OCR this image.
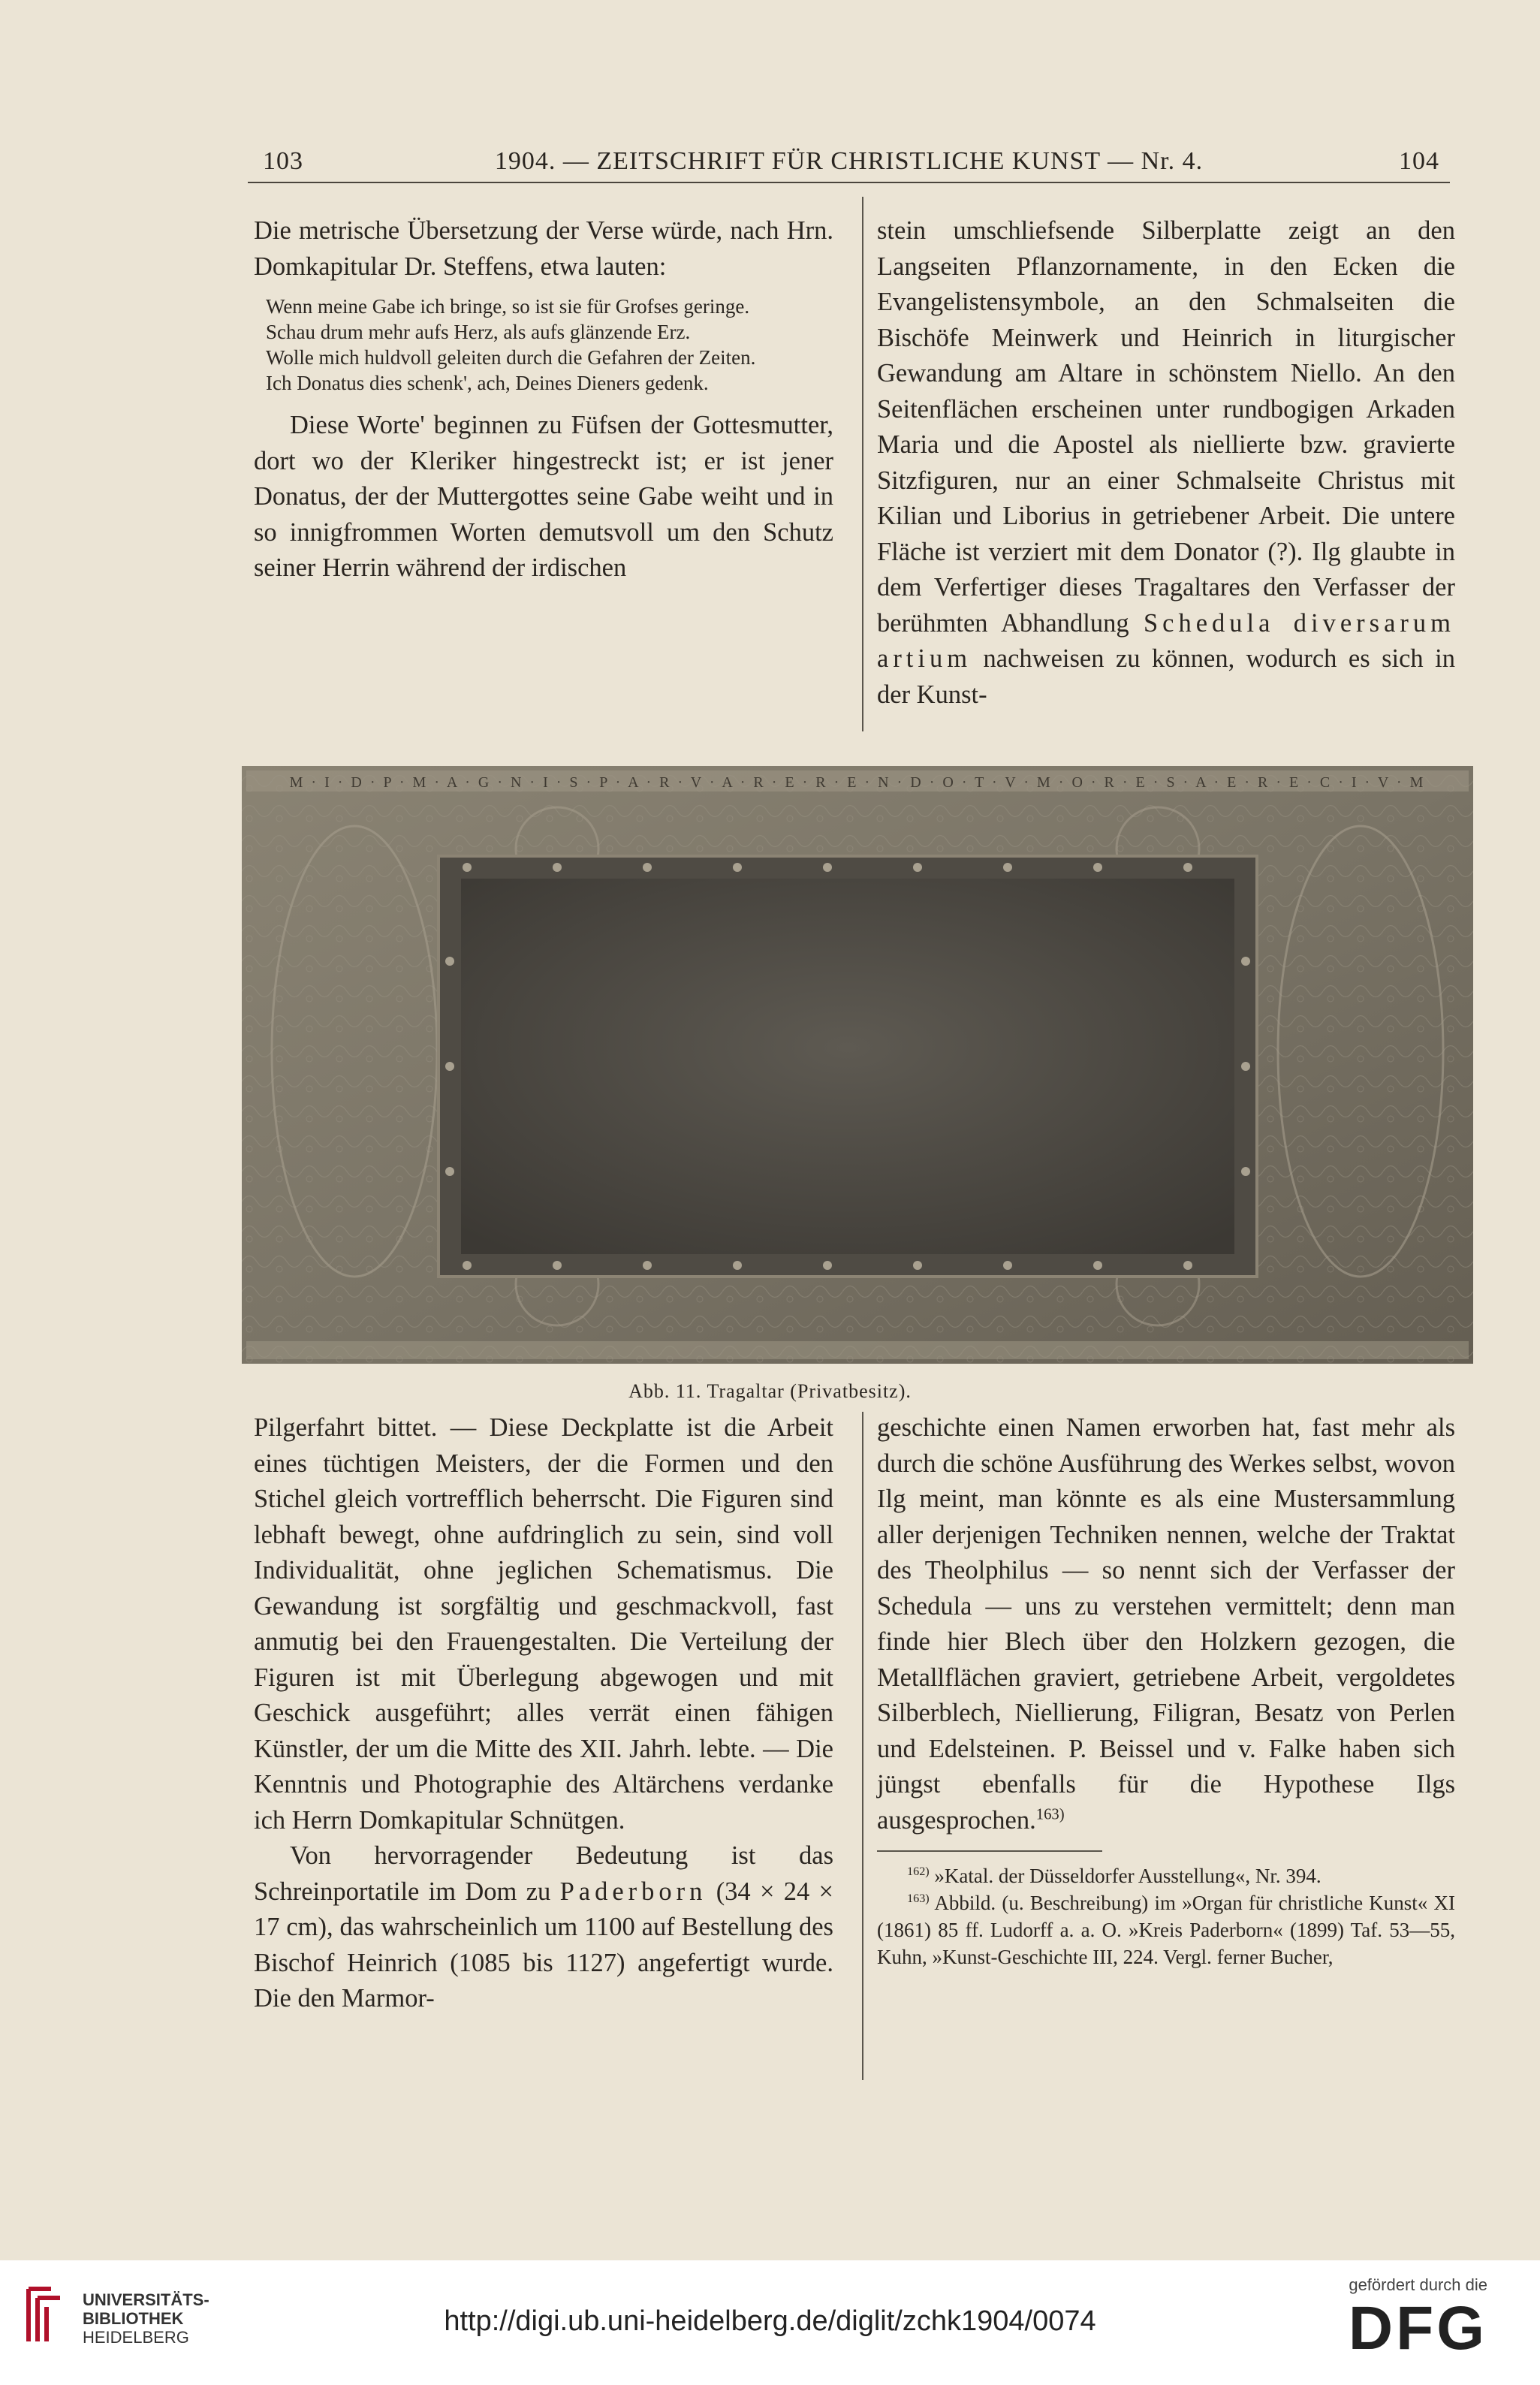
103	1904. — ZEITSCHRIFT FÜR CHRISTLICHE KUNST — Nr. 4.	104

Die metrische Übersetzung der Verse würde, nach Hrn. Domkapitular Dr. Steffens, etwa lauten:

Wenn meine Gabe ich bringe, so ist sie für Grofses geringe.
Schau drum mehr aufs Herz, als aufs glänzende Erz.
Wolle mich huldvoll geleiten durch die Gefahren der Zeiten.
Ich Donatus dies schenk', ach, Deines Dieners gedenk.

Diese Worte' beginnen zu Füfsen der Gottesmutter, dort wo der Kleriker hingestreckt ist; er ist jener Donatus, der der Muttergottes seine Gabe weiht und in so innigfrommen Worten demutsvoll um den Schutz seiner Herrin während der irdischen

stein umschliefsende Silberplatte zeigt an den Langseiten Pflanzornamente, in den Ecken die Evangelistensymbole, an den Schmalseiten die Bischöfe Meinwerk und Heinrich in liturgischer Gewandung am Altare in schönstem Niello. An den Seitenflächen erscheinen unter rundbogigen Arkaden Maria und die Apostel als niellierte bzw. gravierte Sitzfiguren, nur an einer Schmalseite Christus mit Kilian und Liborius in getriebener Arbeit. Die untere Fläche ist verziert mit dem Donator (?). Ilg glaubte in dem Verfertiger dieses Tragaltares den Verfasser der berühmten Abhandlung Schedula diversarum artium nachweisen zu können, wodurch es sich in der Kunst-

M · I · D · P · M · A · G · N · I · S · P · A · R · V · A · R · E · R · E · N · D · O · T · V · M · O · R · E · S · A · E · R · E · C · I · V · M
Abb. 11. Tragaltar (Privatbesitz).

Pilgerfahrt bittet. — Diese Deckplatte ist die Arbeit eines tüchtigen Meisters, der die Formen und den Stichel gleich vortrefflich beherrscht. Die Figuren sind lebhaft bewegt, ohne aufdringlich zu sein, sind voll Individualität, ohne jeglichen Schematismus. Die Gewandung ist sorgfältig und geschmackvoll, fast anmutig bei den Frauengestalten. Die Verteilung der Figuren ist mit Überlegung abgewogen und mit Geschick ausgeführt; alles verrät einen fähigen Künstler, der um die Mitte des XII. Jahrh. lebte. — Die Kenntnis und Photographie des Altärchens verdanke ich Herrn Domkapitular Schnütgen.

Von hervorragender Bedeutung ist das Schreinportatile im Dom zu Paderborn (34 × 24 × 17 cm), das wahrscheinlich um 1100 auf Bestellung des Bischof Heinrich (1085 bis 1127) angefertigt wurde. Die den Marmor-

geschichte einen Namen erworben hat, fast mehr als durch die schöne Ausführung des Werkes selbst, wovon Ilg meint, man könnte es als eine Mustersammlung aller derjenigen Techniken nennen, welche der Traktat des Theolphilus — so nennt sich der Verfasser der Schedula — uns zu verstehen vermittelt; denn man finde hier Blech über den Holzkern gezogen, die Metallflächen graviert, getriebene Arbeit, vergoldetes Silberblech, Niellierung, Filigran, Besatz von Perlen und Edelsteinen. P. Beissel und v. Falke haben sich jüngst ebenfalls für die Hypothese Ilgs ausgesprochen.$^{163)}$

$^{162)}$ »Katal. der Düsseldorfer Ausstellung«, Nr. 394.

$^{163)}$ Abbild. (u. Beschreibung) im »Organ für christliche Kunst« XI (1861) 85 ff. Ludorff a. a. O. »Kreis Paderborn« (1899) Taf. 53—55, Kuhn, »Kunst-Geschichte III, 224. Vergl. ferner Bucher,

UNIVERSITÄTS-
BIBLIOTHEK
HEIDELBERG
http://digi.ub.uni-heidelberg.de/diglit/zchk1904/0074
gefördert durch die
DFG
